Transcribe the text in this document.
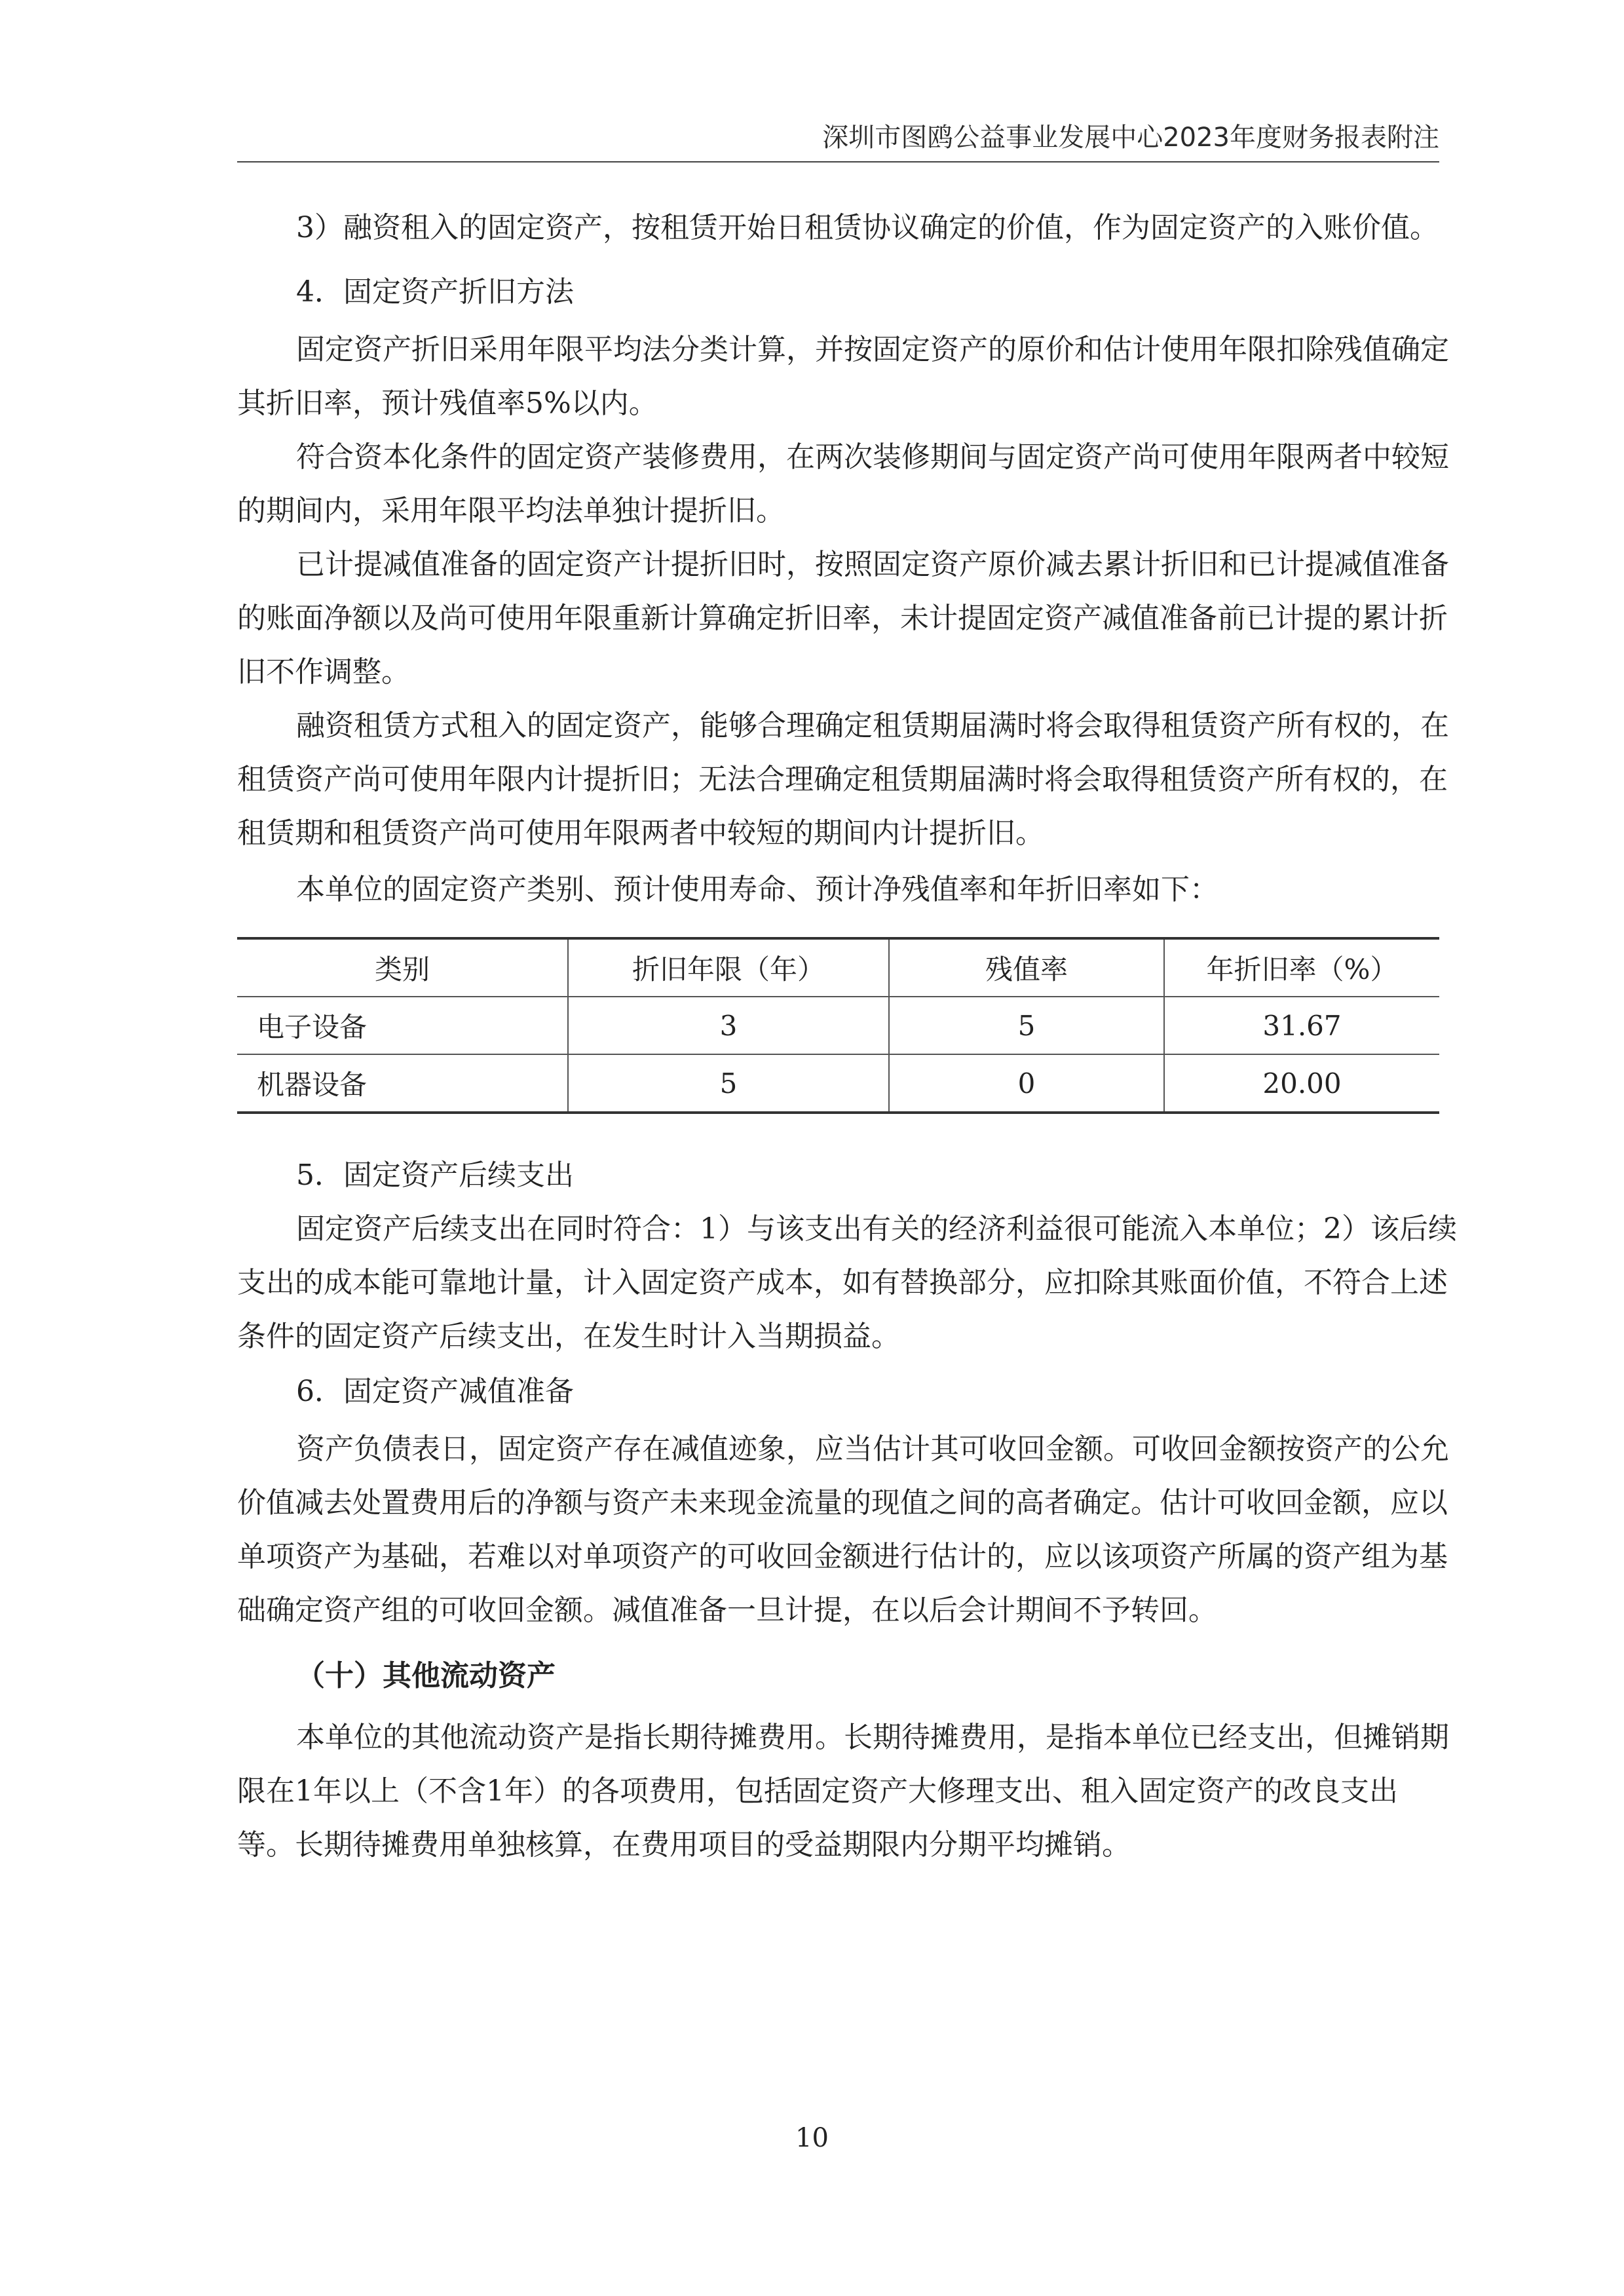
深圳市图鸥公益事业发展中心2023年度财务报表附注
3）融资租入的固定资产，按租赁开始日租赁协议确定的价值，作为固定资产的入账价值。
4．固定资产折旧方法
固定资产折旧采用年限平均法分类计算，并按固定资产的原价和估计使用年限扣除残值确定
其折旧率，预计残值率5%以内。
符合资本化条件的固定资产装修费用，在两次装修期间与固定资产尚可使用年限两者中较短
的期间内，采用年限平均法单独计提折旧。
已计提减值准备的固定资产计提折旧时，按照固定资产原价减去累计折旧和已计提减值准备
的账面净额以及尚可使用年限重新计算确定折旧率，未计提固定资产减值准备前已计提的累计折
旧不作调整。
融资租赁方式租入的固定资产，能够合理确定租赁期届满时将会取得租赁资产所有权的，在
租赁资产尚可使用年限内计提折旧；无法合理确定租赁期届满时将会取得租赁资产所有权的，在
租赁期和租赁资产尚可使用年限两者中较短的期间内计提折旧。
本单位的固定资产类别、预计使用寿命、预计净残值率和年折旧率如下：
类别	折旧年限（年）	残值率	年折旧率（%）
电子设备	3	5	31.67
机器设备	5	0	20.00
5．固定资产后续支出
固定资产后续支出在同时符合：1）与该支出有关的经济利益很可能流入本单位；2）该后续
支出的成本能可靠地计量，计入固定资产成本，如有替换部分，应扣除其账面价值，不符合上述
条件的固定资产后续支出，在发生时计入当期损益。
6．固定资产减值准备
资产负债表日，固定资产存在减值迹象，应当估计其可收回金额。可收回金额按资产的公允
价值减去处置费用后的净额与资产未来现金流量的现值之间的高者确定。估计可收回金额，应以
单项资产为基础，若难以对单项资产的可收回金额进行估计的，应以该项资产所属的资产组为基
础确定资产组的可收回金额。减值准备一旦计提，在以后会计期间不予转回。
（十）其他流动资产
本单位的其他流动资产是指长期待摊费用。长期待摊费用，是指本单位已经支出，但摊销期
限在1年以上（不含1年）的各项费用，包括固定资产大修理支出、租入固定资产的改良支出
等。长期待摊费用单独核算，在费用项目的受益期限内分期平均摊销。
10
